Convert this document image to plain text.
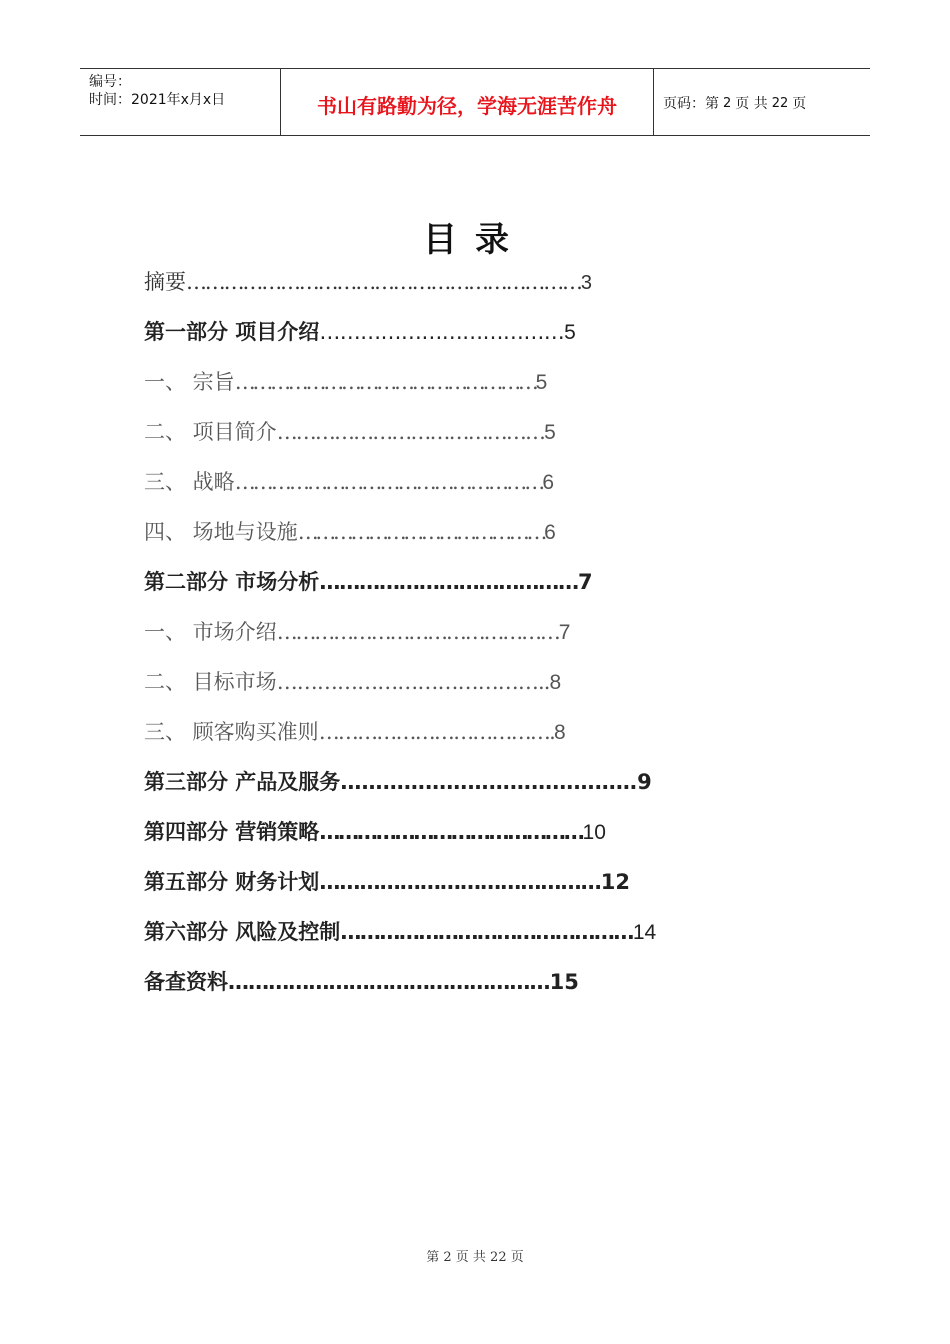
编号：
时间：2021年x月x日	书山有路勤为径，学海无涯苦作舟	页码：第 2 页 共 22 页
目录
摘要 ……………………………………………………… 3
第一部分 项目介绍 ……………………………… 5
一、 宗旨 …………………………………………… 5
二、 项目简介 …………………………………… 5
三、 战略 …………………………………………… 6
四、 场地与设施 …………………………………… 6
第二部分 市场分析 ………………………………… 7
一、 市场介绍 ……………………………………… 7
二、 目标市场 ………………………………….. 8
三、 顾客购买准则 ………………………………. 8
第三部分 产品及服务 …………………………………… 9
第四部分 营销策略 …………………………………… 10
第五部分 财务计划 …………………………………… 12
第六部分 风险及控制 ……………………………………… 14
备查资料 ………………………………………… 15
第 2 页 共 22 页
